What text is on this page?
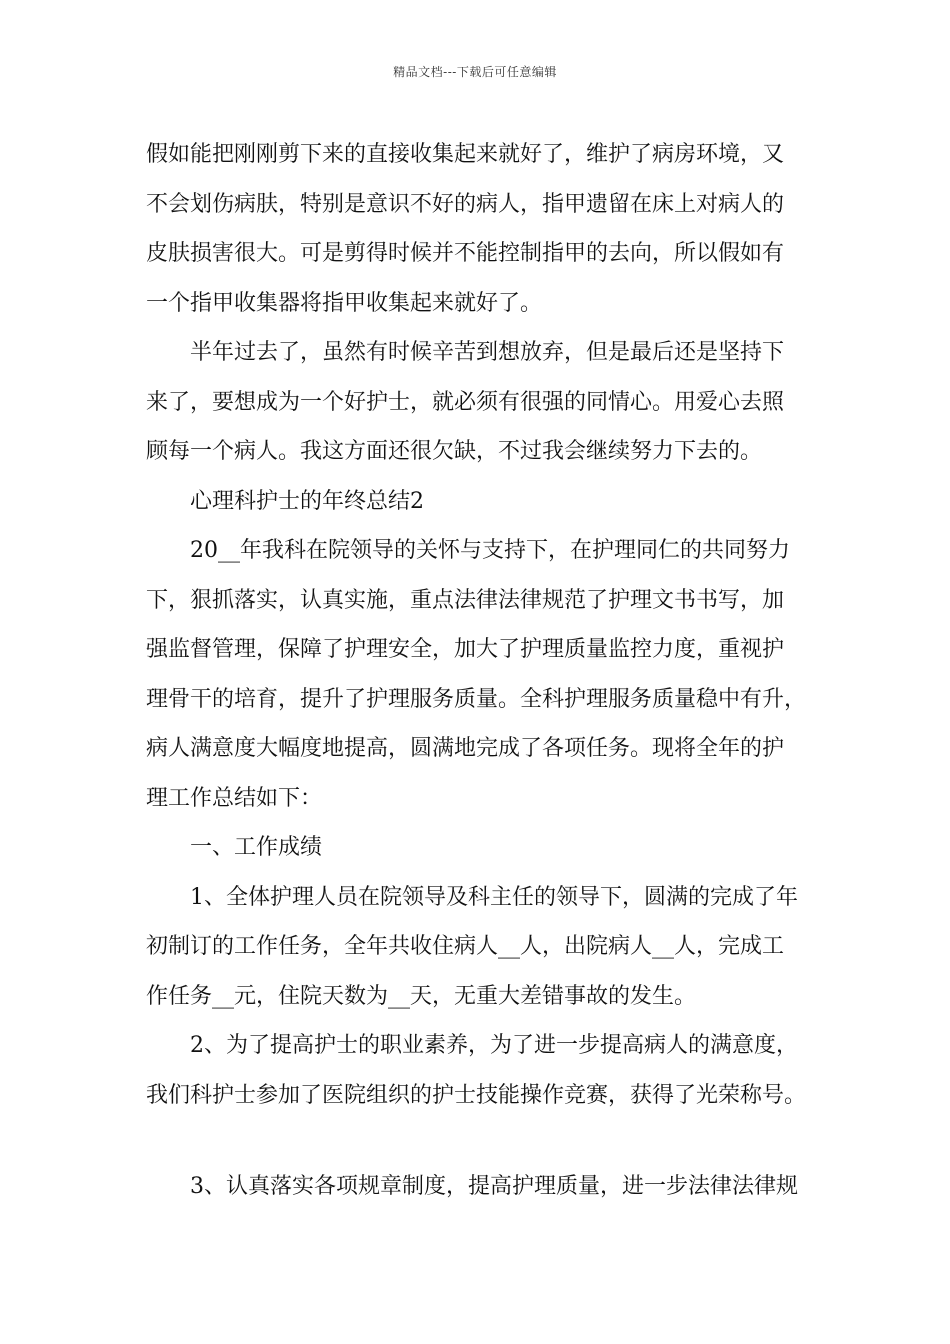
精品文档---下载后可任意编辑
假如能把刚刚剪下来的直接收集起来就好了，维护了病房环境，又
不会划伤病肤，特别是意识不好的病人，指甲遗留在床上对病人的
皮肤损害很大。可是剪得时候并不能控制指甲的去向，所以假如有
一个指甲收集器将指甲收集起来就好了。
半年过去了，虽然有时候辛苦到想放弃，但是最后还是坚持下
来了，要想成为一个好护士，就必须有很强的同情心。用爱心去照
顾每一个病人。我这方面还很欠缺，不过我会继续努力下去的。
心理科护士的年终总结2
20__年我科在院领导的关怀与支持下，在护理同仁的共同努力
下，狠抓落实，认真实施，重点法律法律规范了护理文书书写，加
强监督管理，保障了护理安全，加大了护理质量监控力度，重视护
理骨干的培育，提升了护理服务质量。全科护理服务质量稳中有升，
病人满意度大幅度地提高，圆满地完成了各项任务。现将全年的护
理工作总结如下：
一、工作成绩
1、全体护理人员在院领导及科主任的领导下，圆满的完成了年
初制订的工作任务，全年共收住病人__人，出院病人__人，完成工
作任务__元，住院天数为__天，无重大差错事故的发生。
2、为了提高护士的职业素养，为了进一步提高病人的满意度，
我们科护士参加了医院组织的护士技能操作竞赛，获得了光荣称号。
3、认真落实各项规章制度，提高护理质量，进一步法律法律规
